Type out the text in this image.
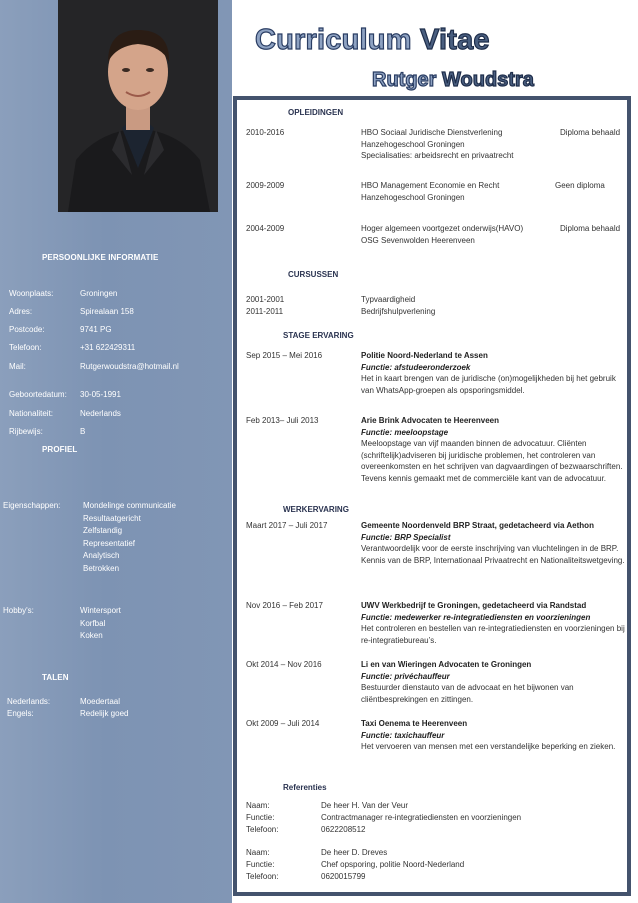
PERSOONLIJKE INFORMATIE
Woonplaats:	Groningen
Adres:	Spirealaan 158
Postcode:	9741 PG
Telefoon:	+31 622429311
Mail:	Rutgerwoudstra@hotmail.nl
Geboortedatum: 30-05-1991
Nationaliteit:	Nederlands
Rijbewijs:	B
PROFIEL
Eigenschappen:	Mondelinge communicatie
Resultaatgericht
Zelfstandig
Representatief
Analytisch
Betrokken
Hobby's:	Wintersport
Korfbal
Koken
TALEN
Nederlands:	Moedertaal
Engels:	Redelijk goed
Curriculum Vitae
Rutger Woudstra
OPLEIDINGEN
2010-2016	HBO Sociaal Juridische Dienstverlening
Hanzehogeschool Groningen
Specialisaties: arbeidsrecht en privaatrecht
Diploma behaald
2009-2009	HBO Management Economie en Recht
Hanzehogeschool Groningen
Geen diploma
2004-2009	Hoger algemeen voortgezet onderwijs(HAVO)
OSG Sevenwolden Heerenveen
Diploma behaald
CURSUSSEN
2001-2001	Typvaardigheid
2011-2011	Bedrijfshulpverlening
STAGE ERVARING
Sep 2015 – Mei 2016	Politie Noord-Nederland te Assen
Functie: afstudeeronderzoek
Het in kaart brengen van de juridische (on)mogelijkheden bij het gebruik van WhatsApp-groepen als opsporingsmiddel.
Feb 2013– Juli 2013	Arie Brink Advocaten te Heerenveen
Functie: meeloopstage
Meeloopstage van vijf maanden binnen de advocatuur. Cliënten (schriftelijk)adviseren bij juridische problemen, het controleren van overeenkomsten en het schrijven van dagvaardingen of bezwaarschriften. Tevens kennis gemaakt met de commerciële kant van de advocatuur.
WERKERVARING
Maart 2017 – Juli 2017	Gemeente Noordenveld BRP Straat, gedetacheerd via Aethon
Functie: BRP Specialist
Verantwoordelijk voor de eerste inschrijving van vluchtelingen in de BRP. Kennis van de BRP, Internationaal Privaatrecht en Nationaliteitswetgeving.
Nov 2016 – Feb 2017	UWV Werkbedrijf te Groningen, gedetacheerd via Randstad
Functie: medewerker re-integratiediensten en voorzieningen
Het controleren en bestellen van re-integratiediensten en voorzieningen bij re-integratiebureau’s.
Okt 2014 – Nov 2016	Li en van Wieringen Advocaten te Groningen
Functie: privéchauffeur
Bestuurder dienstauto van de advocaat en het bijwonen van cliëntbesprekingen en zittingen.
Okt 2009 – Juli 2014	Taxi Oenema te Heerenveen
Functie: taxichauffeur
Het vervoeren van mensen met een verstandelijke beperking en zieken.
Referenties
Naam:	De heer H. Van der Veur
Functie:	Contractmanager re-integratiediensten en voorzieningen
Telefoon:	0622208512
Naam:	De heer D. Dreves
Functie:	Chef opsporing, politie Noord-Nederland
Telefoon:	0620015799
